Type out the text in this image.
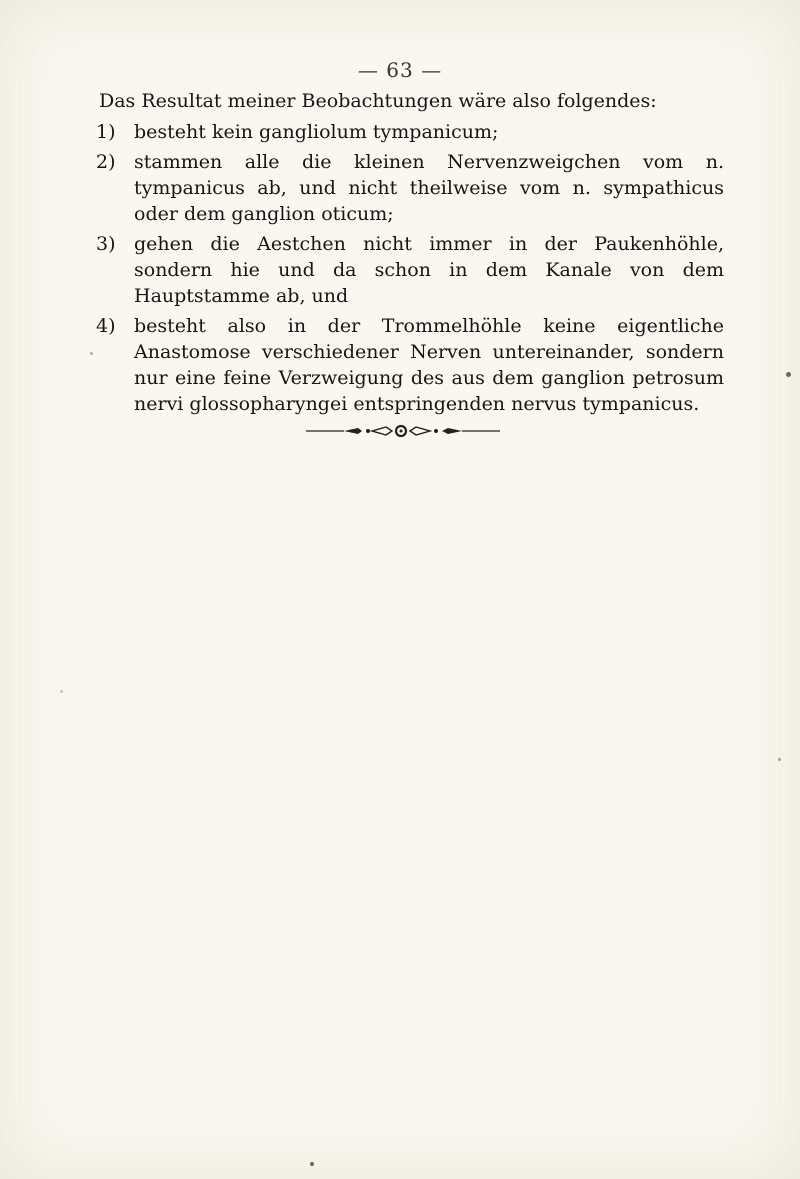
— 63 —

Das Resultat meiner Beobachtungen wäre also folgendes:

1) besteht kein gangliolum tympanicum;
2) stammen alle die kleinen Nervenzweigchen vom n. tympanicus ab, und nicht theilweise vom n. sympathicus oder dem ganglion oticum;
3) gehen die Aestchen nicht immer in der Paukenhöhle, sondern hie und da schon in dem Kanale von dem Hauptstamme ab, und
4) besteht also in der Trommelhöhle keine eigentliche Anastomose verschiedener Nerven untereinander, sondern nur eine feine Verzweigung des aus dem ganglion petrosum nervi glossopharyngei entspringenden nervus tympanicus.
